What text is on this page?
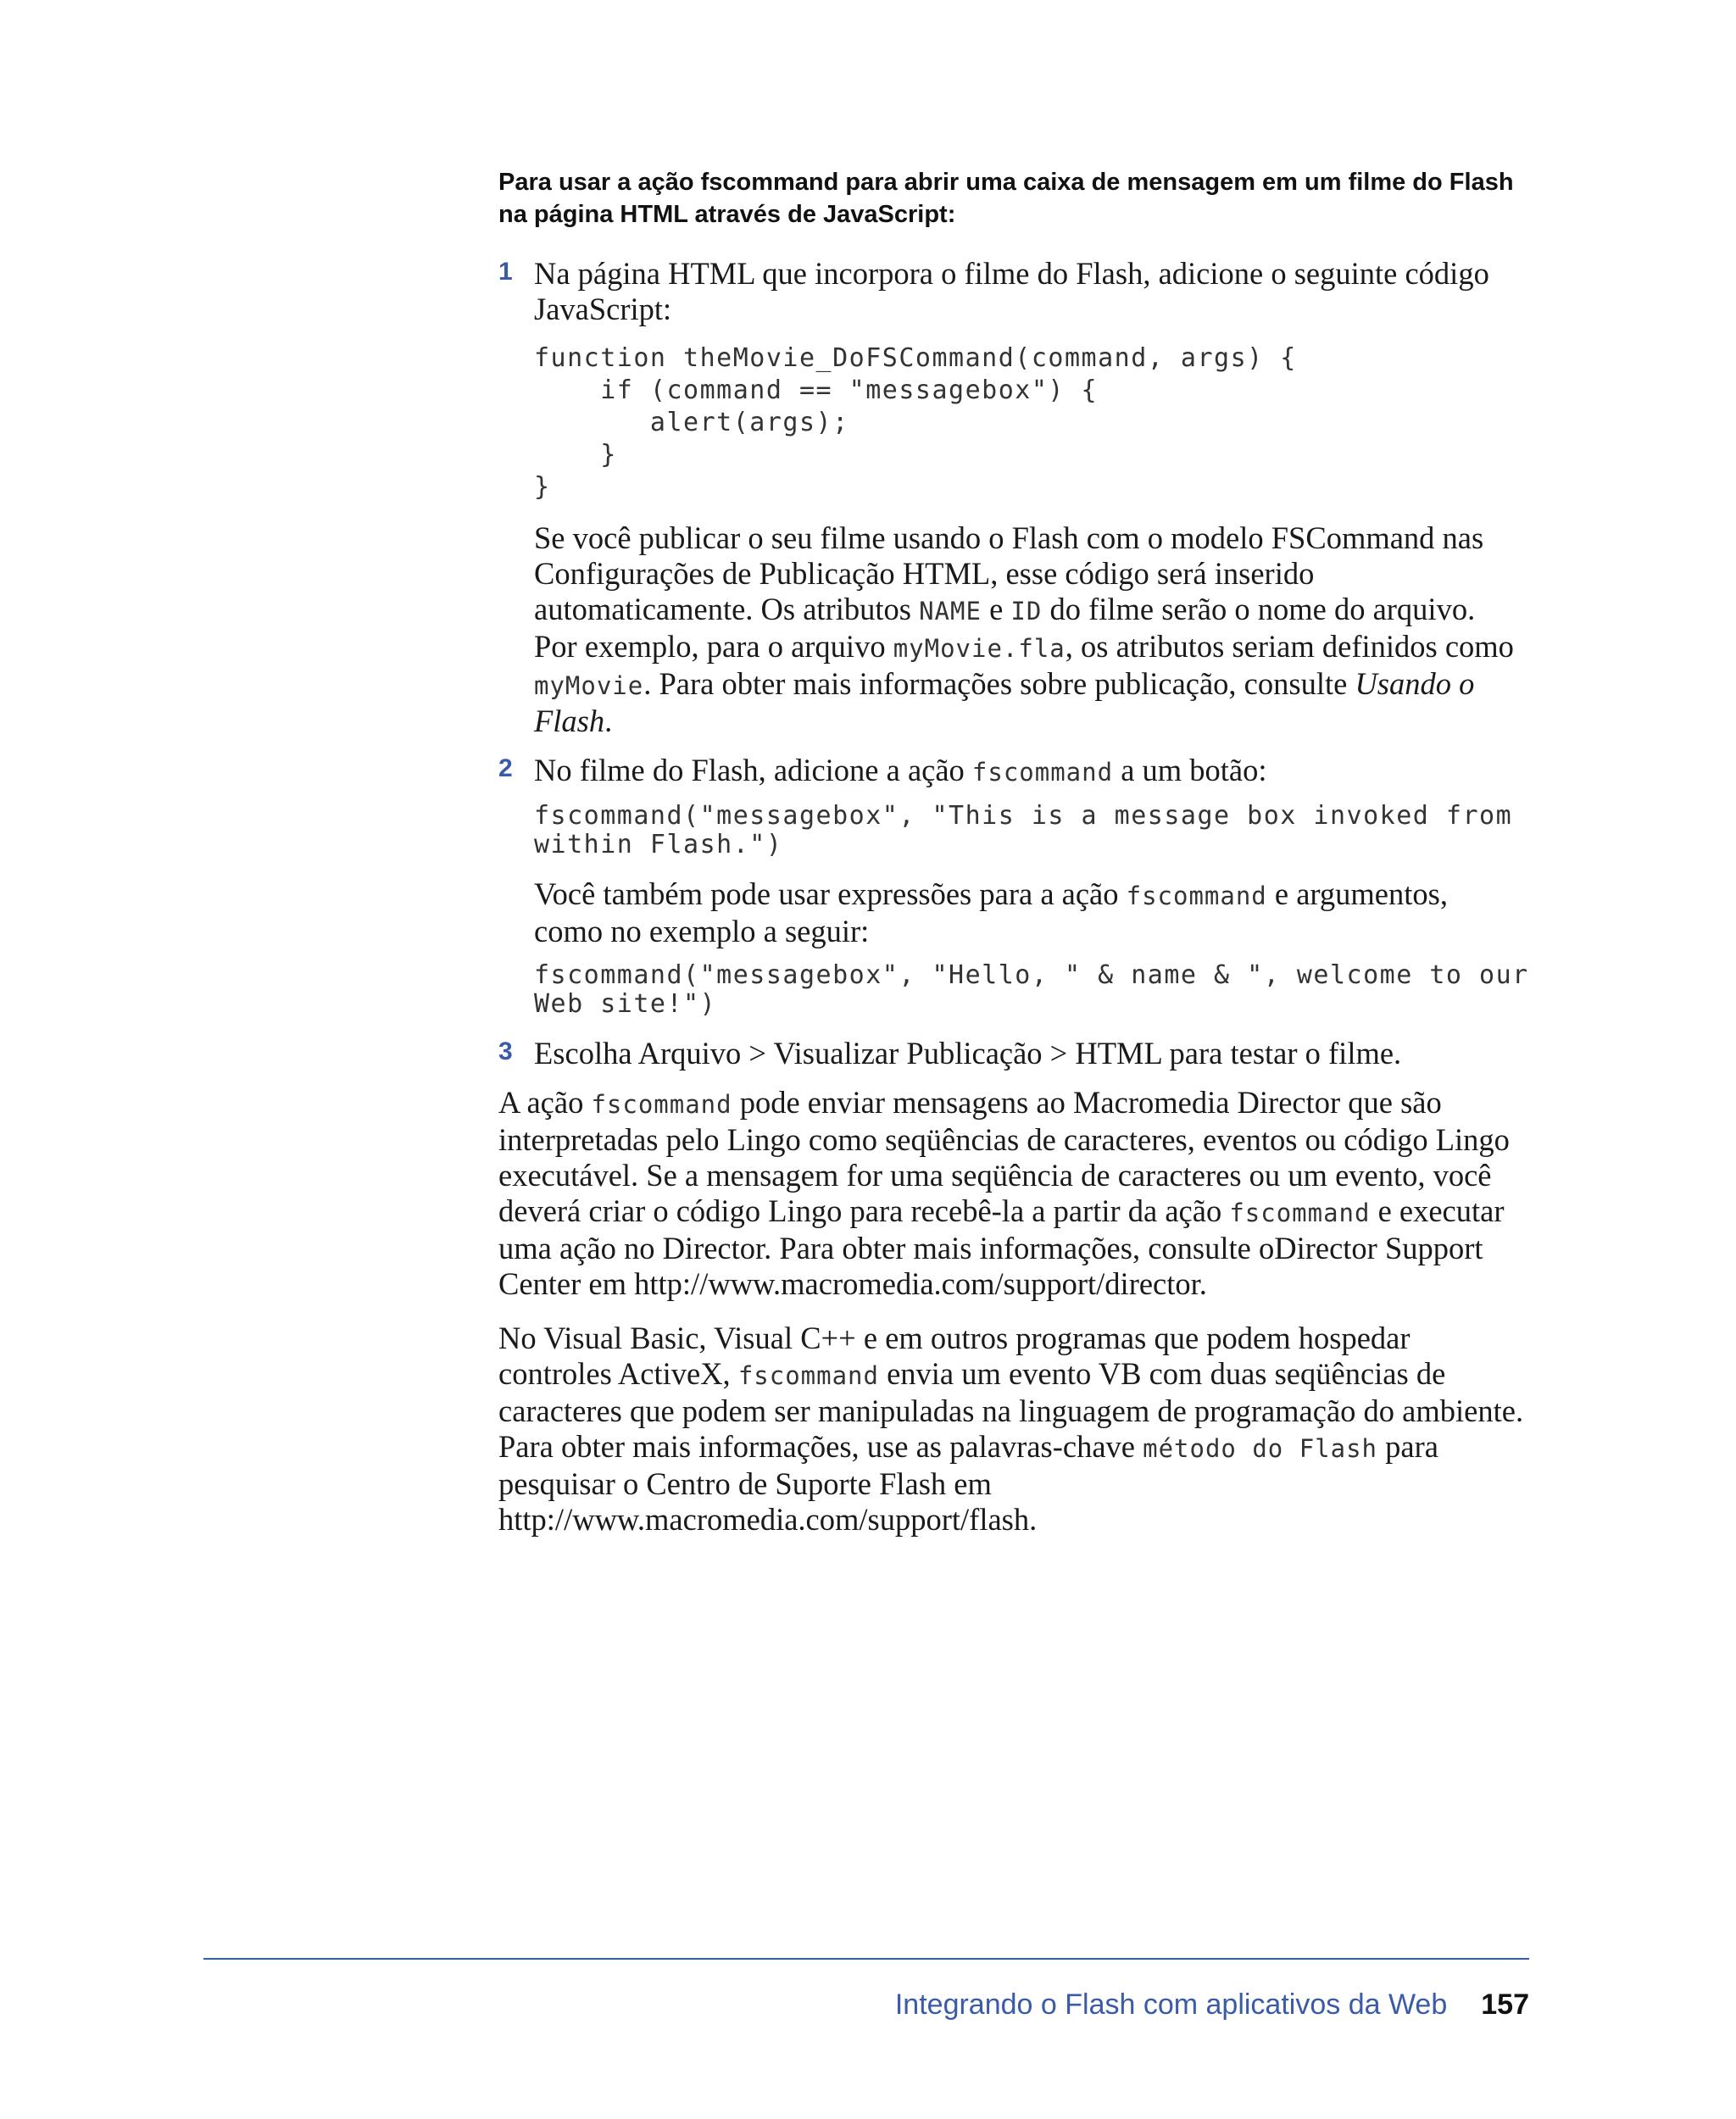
Para usar a ação fscommand para abrir uma caixa de mensagem em um filme do Flash na página HTML através de JavaScript:

1 Na página HTML que incorpora o filme do Flash, adicione o seguinte código JavaScript:

function theMovie_DoFSCommand(command, args) {
if (command == "messagebox") {
alert(args);
}
}

Se você publicar o seu filme usando o Flash com o modelo FSCommand nas Configurações de Publicação HTML, esse código será inserido automaticamente. Os atributos NAME e ID do filme serão o nome do arquivo. Por exemplo, para o arquivo myMovie.fla, os atributos seriam definidos como myMovie. Para obter mais informações sobre publicação, consulte Usando o Flash.

2 No filme do Flash, adicione a ação fscommand a um botão:

fscommand("messagebox", "This is a message box invoked from
within Flash.")

Você também pode usar expressões para a ação fscommand e argumentos, como no exemplo a seguir:

fscommand("messagebox", "Hello, " & name & ", welcome to our
Web site!")
3 Escolha Arquivo > Visualizar Publicação > HTML para testar o filme.

A ação fscommand pode enviar mensagens ao Macromedia Director que são interpretadas pelo Lingo como seqüências de caracteres, eventos ou código Lingo executável. Se a mensagem for uma seqüência de caracteres ou um evento, você deverá criar o código Lingo para recebê-la a partir da ação fscommand e executar uma ação no Director. Para obter mais informações, consulte oDirector Support Center em http://www.macromedia.com/support/director.

No Visual Basic, Visual C++ e em outros programas que podem hospedar controles ActiveX, fscommand envia um evento VB com duas seqüências de caracteres que podem ser manipuladas na linguagem de programação do ambiente. Para obter mais informações, use as palavras-chave método do Flash para pesquisar o Centro de Suporte Flash em http://www.macromedia.com/support/flash.

Integrando o Flash com aplicativos da Web 157
